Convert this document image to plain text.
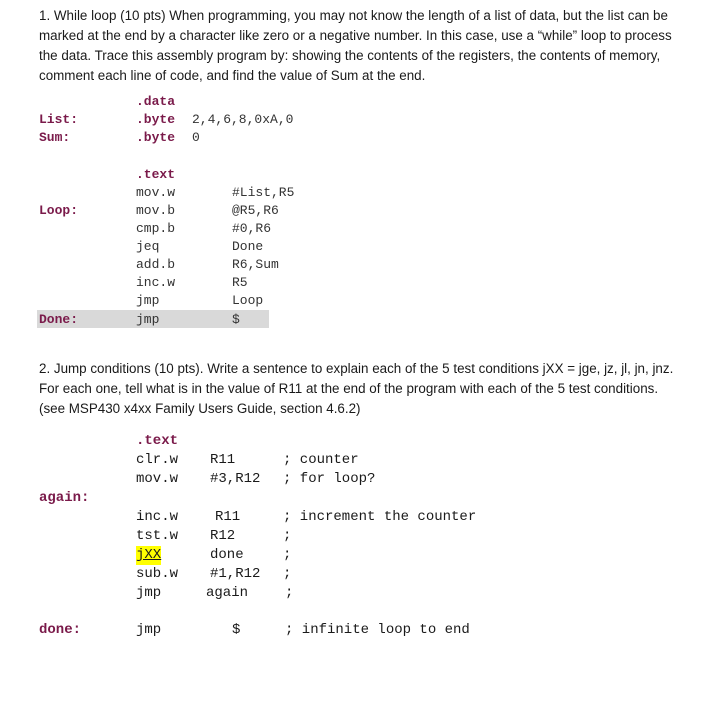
1. While loop (10 pts) When programming, you may not know the length of a list of data, but the list can be marked at the end by a character like zero or a negative number. In this case, use a “while” loop to process the data. Trace this assembly program by: showing the contents of the registers, the contents of memory, comment each line of code, and find the value of Sum at the end.
.data
List:	.byte 2,4,6,8,0xA,0
Sum:	.byte 0
.text
mov.w	#List,R5
Loop:	mov.b	@R5,R6
cmp.b	#0,R6
jeq	Done
add.b	R6,Sum
inc.w	R5
jmp	Loop
Done:	jmp	$
2. Jump conditions (10 pts). Write a sentence to explain each of the 5 test conditions jXX = jge, jz, jl, jn, jnz. For each one, tell what is in the value of R11 at the end of the program with each of the 5 test conditions. (see MSP430 x4xx Family Users Guide, section 4.6.2)
.text
clr.w R11	; counter
mov.w #3,R12 ; for loop?
again:
inc.w	R11	; increment the counter
tst.w R12	;
jXX	done	;
sub.w #1,R12 ;
jmp	again	;
done:	jmp	$	; infinite loop to end
